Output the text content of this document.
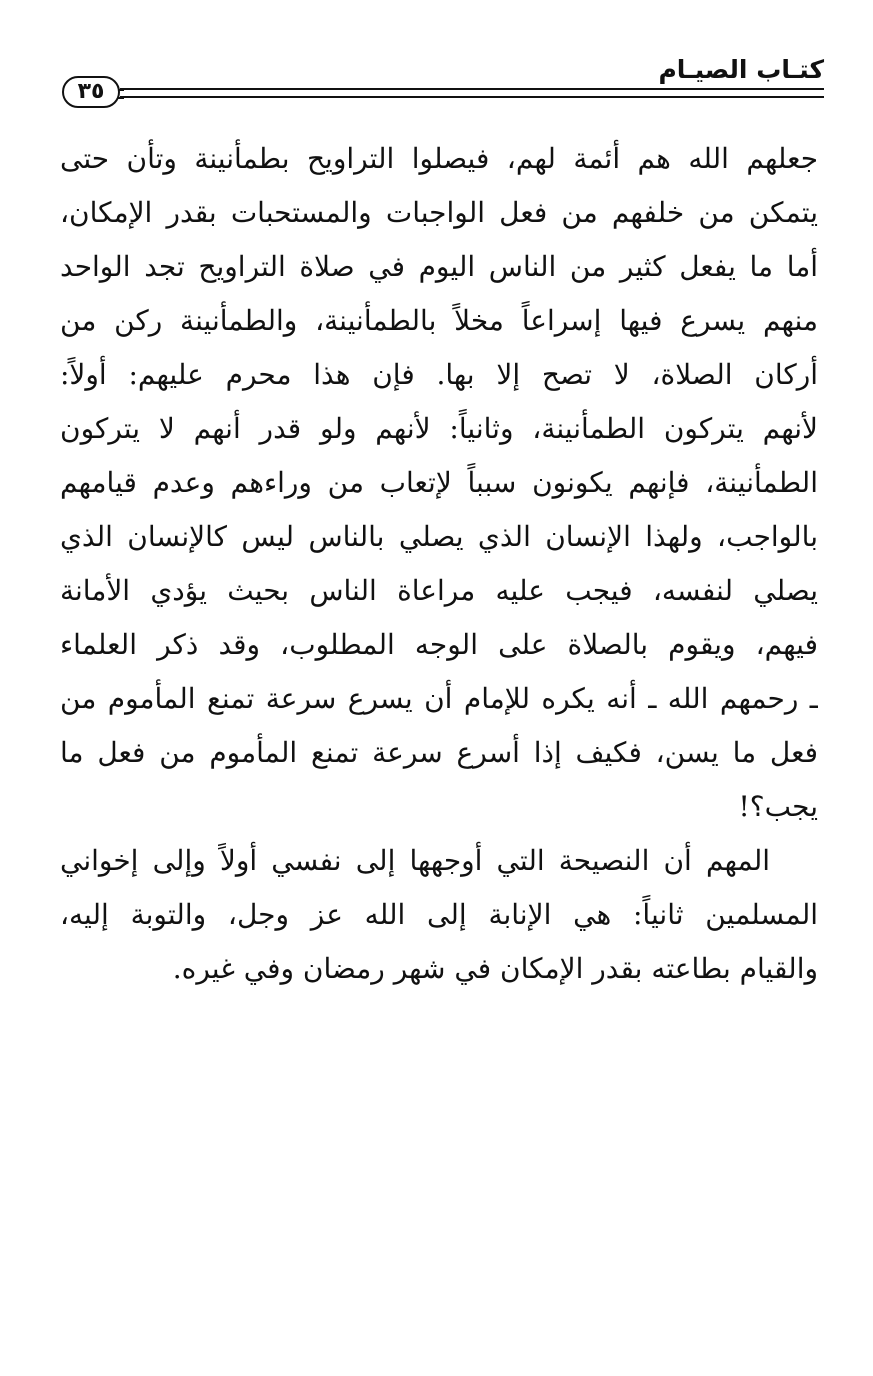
٣٥
كتـاب الصيـام
جعلهم الله هم أئمة لهم، فيصلوا التراويح بطمأنينة وتأن حتى
يتمكن من خلفهم من فعل الواجبات والمستحبات بقدر الإمكان،
أما ما يفعل كثير من الناس اليوم في صلاة التراويح تجد الواحد
منهم يسرع فيها إسراعاً مخلاً بالطمأنينة، والطمأنينة ركن من
أركان الصلاة، لا تصح إلا بها. فإن هذا محرم عليهم: أولاً:
لأنهم يتركون الطمأنينة، وثانياً: لأنهم ولو قدر أنهم لا يتركون
الطمأنينة، فإنهم يكونون سبباً لإتعاب من وراءهم وعدم قيامهم
بالواجب، ولهذا الإنسان الذي يصلي بالناس ليس كالإنسان الذي
يصلي لنفسه، فيجب عليه مراعاة الناس بحيث يؤدي الأمانة
فيهم، ويقوم بالصلاة على الوجه المطلوب، وقد ذكر العلماء
ـ رحمهم الله ـ أنه يكره للإمام أن يسرع سرعة تمنع المأموم من
فعل ما يسن، فكيف إذا أسرع سرعة تمنع المأموم من فعل ما
يجب؟!
المهم أن النصيحة التي أوجهها إلى نفسي أولاً وإلى إخواني
المسلمين ثانياً: هي الإنابة إلى الله عز وجل، والتوبة إليه،
والقيام بطاعته بقدر الإمكان في شهر رمضان وفي غيره.
